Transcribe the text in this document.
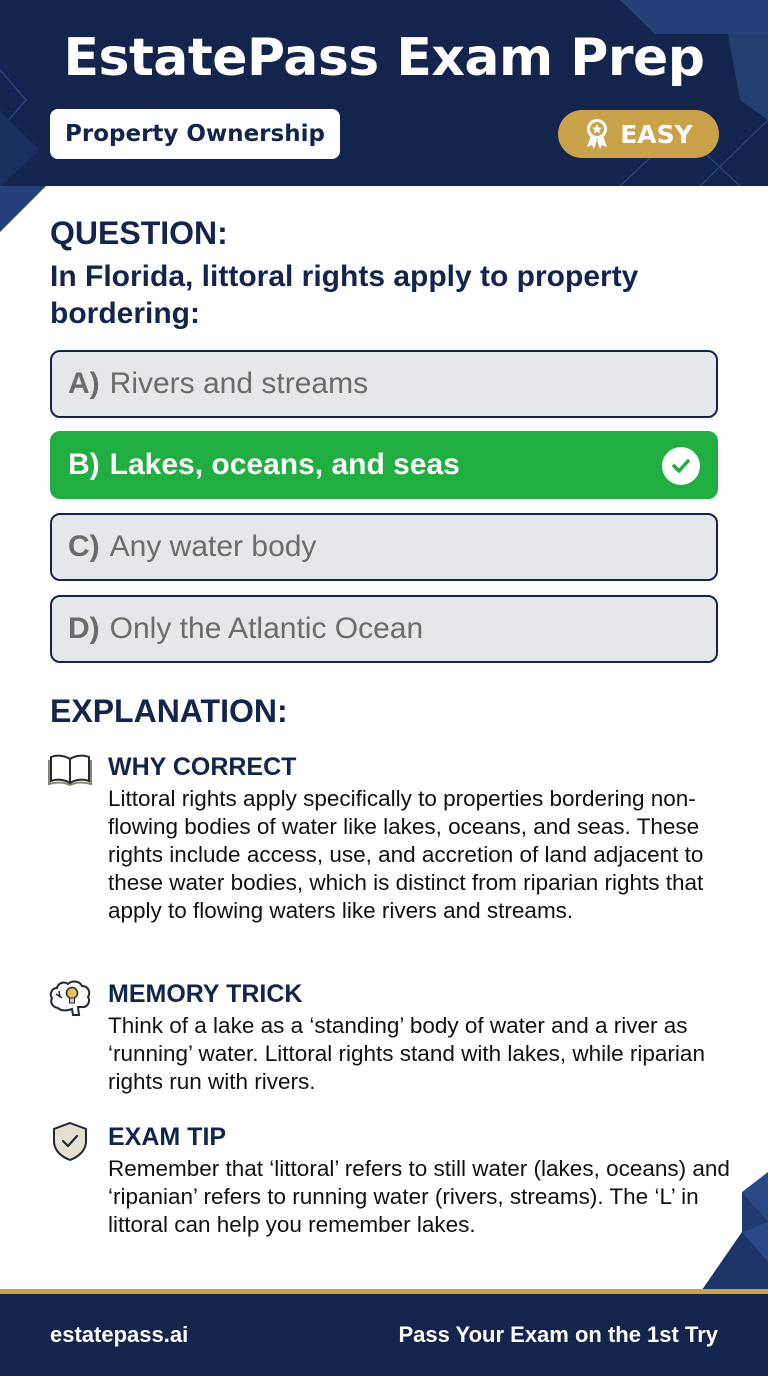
EstatePass Exam Prep
Property Ownership	EASY
QUESTION:
In Florida, littoral rights apply to property bordering:
A) Rivers and streams
B) Lakes, oceans, and seas
C) Any water body
D) Only the Atlantic Ocean
EXPLANATION:
WHY CORRECT
Littoral rights apply specifically to properties bordering non-flowing bodies of water like lakes, oceans, and seas. These rights include access, use, and accretion of land adjacent to these water bodies, which is distinct from riparian rights that apply to flowing waters like rivers and streams.
MEMORY TRICK
Think of a lake as a ‘standing’ body of water and a river as ‘running’ water. Littoral rights stand with lakes, while riparian rights run with rivers.
EXAM TIP
Remember that ‘littoral’ refers to still water (lakes, oceans) and ‘ripanian’ refers to running water (rivers, streams). The ‘L’ in littoral can help you remember lakes.
estatepass.ai	Pass Your Exam on the 1st Try
